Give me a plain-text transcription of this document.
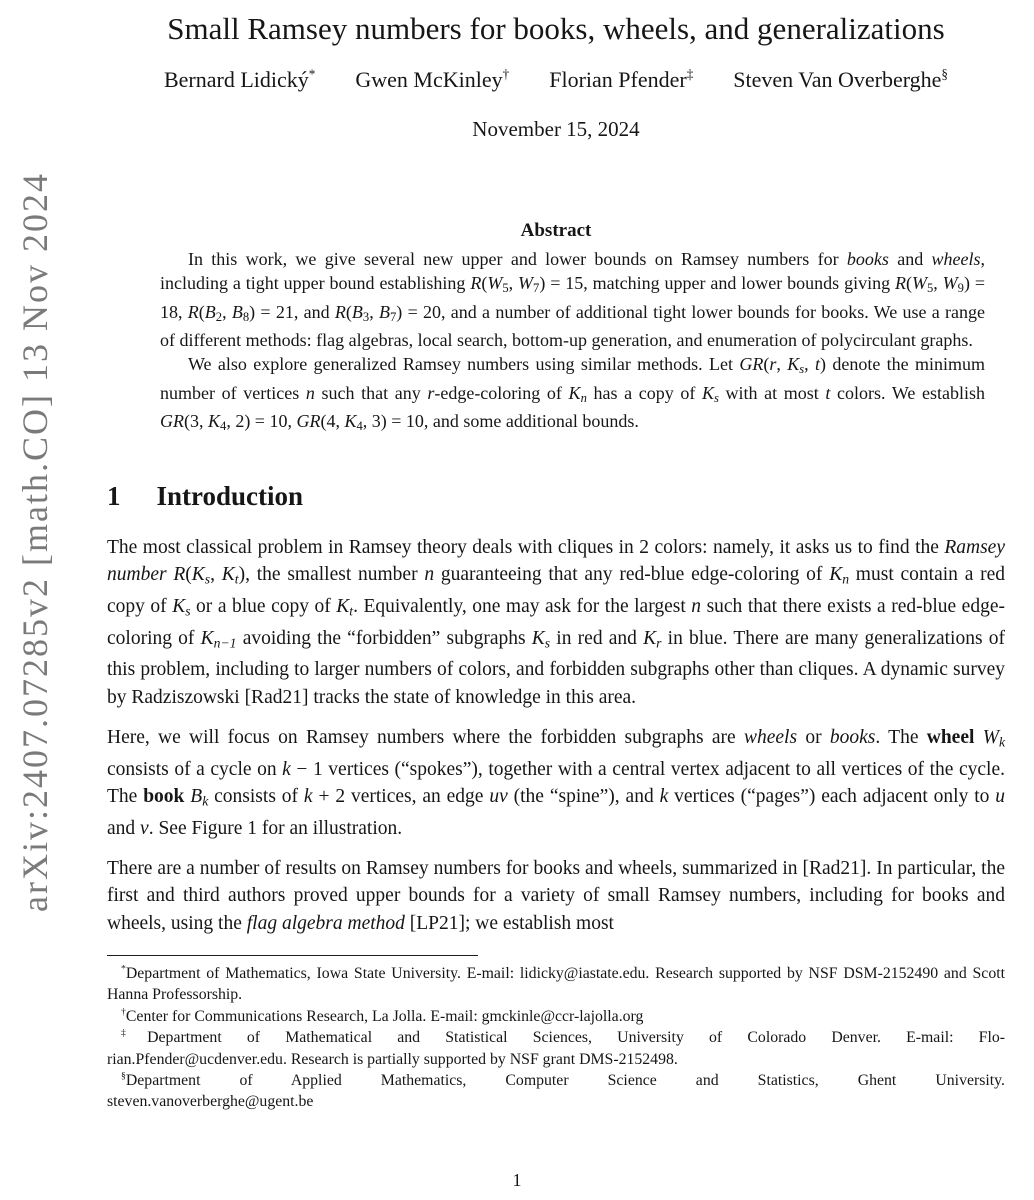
arXiv:2407.07285v2 [math.CO] 13 Nov 2024
Small Ramsey numbers for books, wheels, and generalizations
Bernard Lidický* Gwen McKinley† Florian Pfender‡ Steven Van Overberghe§
November 15, 2024
Abstract

In this work, we give several new upper and lower bounds on Ramsey numbers for books and wheels, including a tight upper bound establishing R(W5, W7) = 15, matching upper and lower bounds giving R(W5, W9) = 18, R(B2, B8) = 21, and R(B3, B7) = 20, and a number of additional tight lower bounds for books. We use a range of different methods: flag algebras, local search, bottom-up generation, and enumeration of polycirculant graphs.

We also explore generalized Ramsey numbers using similar methods. Let GR(r, Ks, t) denote the minimum number of vertices n such that any r-edge-coloring of Kn has a copy of Ks with at most t colors. We establish GR(3, K4, 2) = 10, GR(4, K4, 3) = 10, and some additional bounds.

1 Introduction

The most classical problem in Ramsey theory deals with cliques in 2 colors: namely, it asks us to find the Ramsey number R(Ks, Kt), the smallest number n guaranteeing that any red-blue edge-coloring of Kn must contain a red copy of Ks or a blue copy of Kt. Equivalently, one may ask for the largest n such that there exists a red-blue edge-coloring of Kn−1 avoiding the “forbidden” subgraphs Ks in red and Kr in blue. There are many generalizations of this problem, including to larger numbers of colors, and forbidden subgraphs other than cliques. A dynamic survey by Radziszowski [Rad21] tracks the state of knowledge in this area.

Here, we will focus on Ramsey numbers where the forbidden subgraphs are wheels or books. The wheel Wk consists of a cycle on k − 1 vertices (“spokes”), together with a central vertex adjacent to all vertices of the cycle. The book Bk consists of k + 2 vertices, an edge uv (the “spine”), and k vertices (“pages”) each adjacent only to u and v. See Figure 1 for an illustration.

There are a number of results on Ramsey numbers for books and wheels, summarized in [Rad21]. In particular, the first and third authors proved upper bounds for a variety of small Ramsey numbers, including for books and wheels, using the flag algebra method [LP21]; we establish most

*Department of Mathematics, Iowa State University. E-mail: lidicky@iastate.edu. Research supported by NSF DSM-2152490 and Scott Hanna Professorship.

†Center for Communications Research, La Jolla. E-mail: gmckinle@ccr-lajolla.org

‡Department of Mathematical and Statistical Sciences, University of Colorado Denver. E-mail: Flo-
rian.Pfender@ucdenver.edu. Research is partially supported by NSF grant DMS-2152498.
§Department of Applied Mathematics, Computer Science and Statistics, Ghent University.
steven.vanoverberghe@ugent.be
1
